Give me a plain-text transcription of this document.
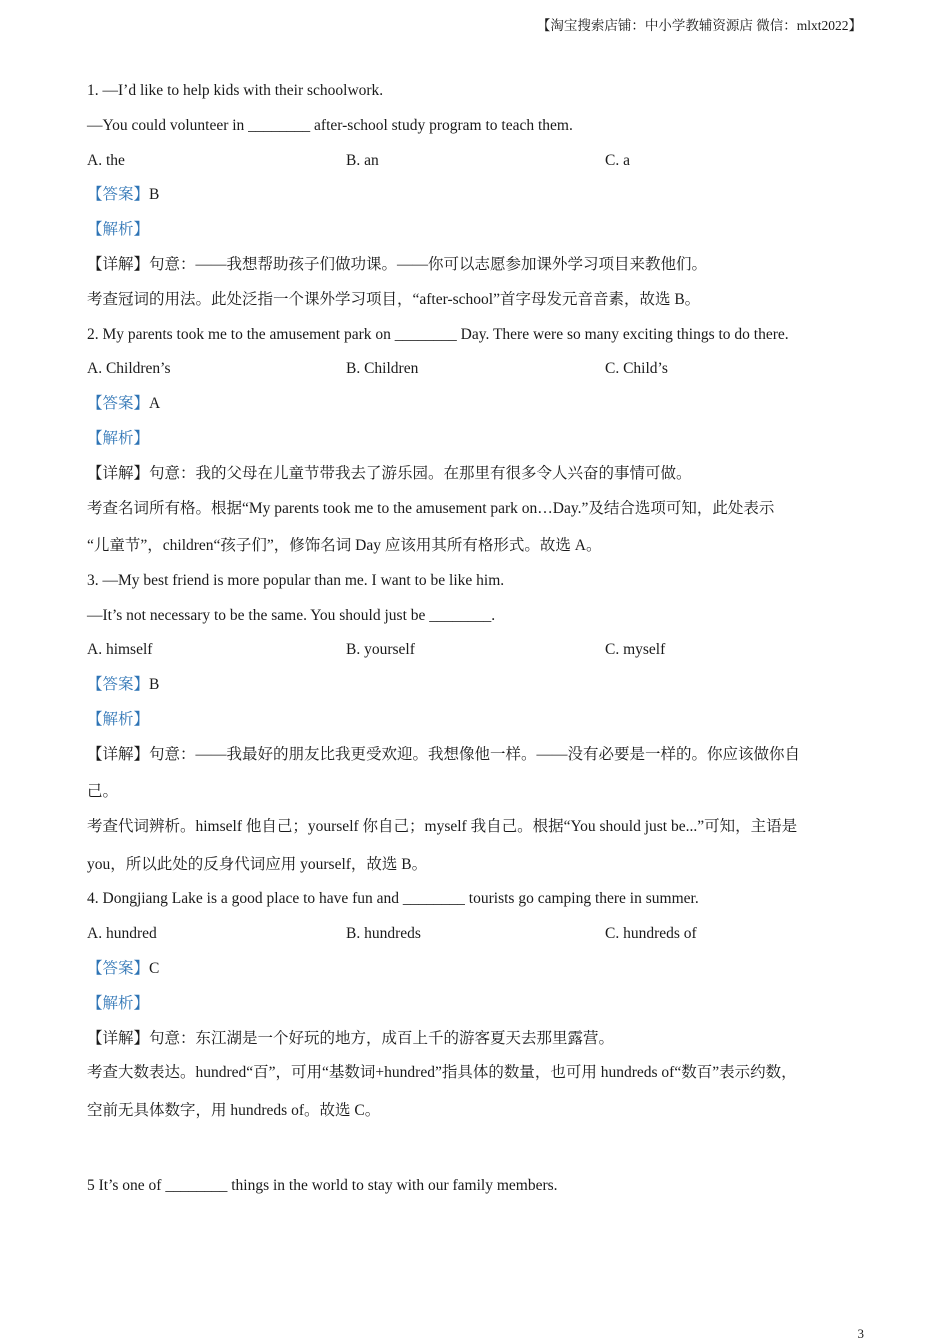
【淘宝搜索店铺：中小学教辅资源店 微信：mlxt2022】
1. —I’d like to help kids with their schoolwork.
—You could volunteer in ________ after-school study program to teach them.
A. the	B. an	C. a
【答案】B
【解析】
【详解】句意：——我想帮助孩子们做功课。——你可以志愿参加课外学习项目来教他们。
考查冠词的用法。此处泛指一个课外学习项目，“after-school”首字母发元音音素，故选 B。
2. My parents took me to the amusement park on ________ Day. There were so many exciting things to do there.
A. Children’s	B. Children	C. Child’s
【答案】A
【解析】
【详解】句意：我的父母在儿童节带我去了游乐园。在那里有很多令人兴奋的事情可做。
考查名词所有格。根据“My parents took me to the amusement park on…Day.”及结合选项可知，此处表示
“儿童节”，children“孩子们”，修饰名词 Day 应该用其所有格形式。故选 A。
3. —My best friend is more popular than me. I want to be like him.
—It’s not necessary to be the same. You should just be ________.
A. himself	B. yourself	C. myself
【答案】B
【解析】
【详解】句意：——我最好的朋友比我更受欢迎。我想像他一样。——没有必要是一样的。你应该做你自
己。
考查代词辨析。himself 他自己；yourself 你自己；myself 我自己。根据“You should just be...”可知，主语是
you，所以此处的反身代词应用 yourself，故选 B。
4. Dongjiang Lake is a good place to have fun and ________ tourists go camping there in summer.
A. hundred	B. hundreds	C. hundreds of
【答案】C
【解析】
【详解】句意：东江湖是一个好玩的地方，成百上千的游客夏天去那里露营。
考查大数表达。hundred“百”，可用“基数词+hundred”指具体的数量，也可用 hundreds of“数百”表示约数，
空前无具体数字，用 hundreds of。故选 C。
5 It’s one of ________ things in the world to stay with our family members.
3
